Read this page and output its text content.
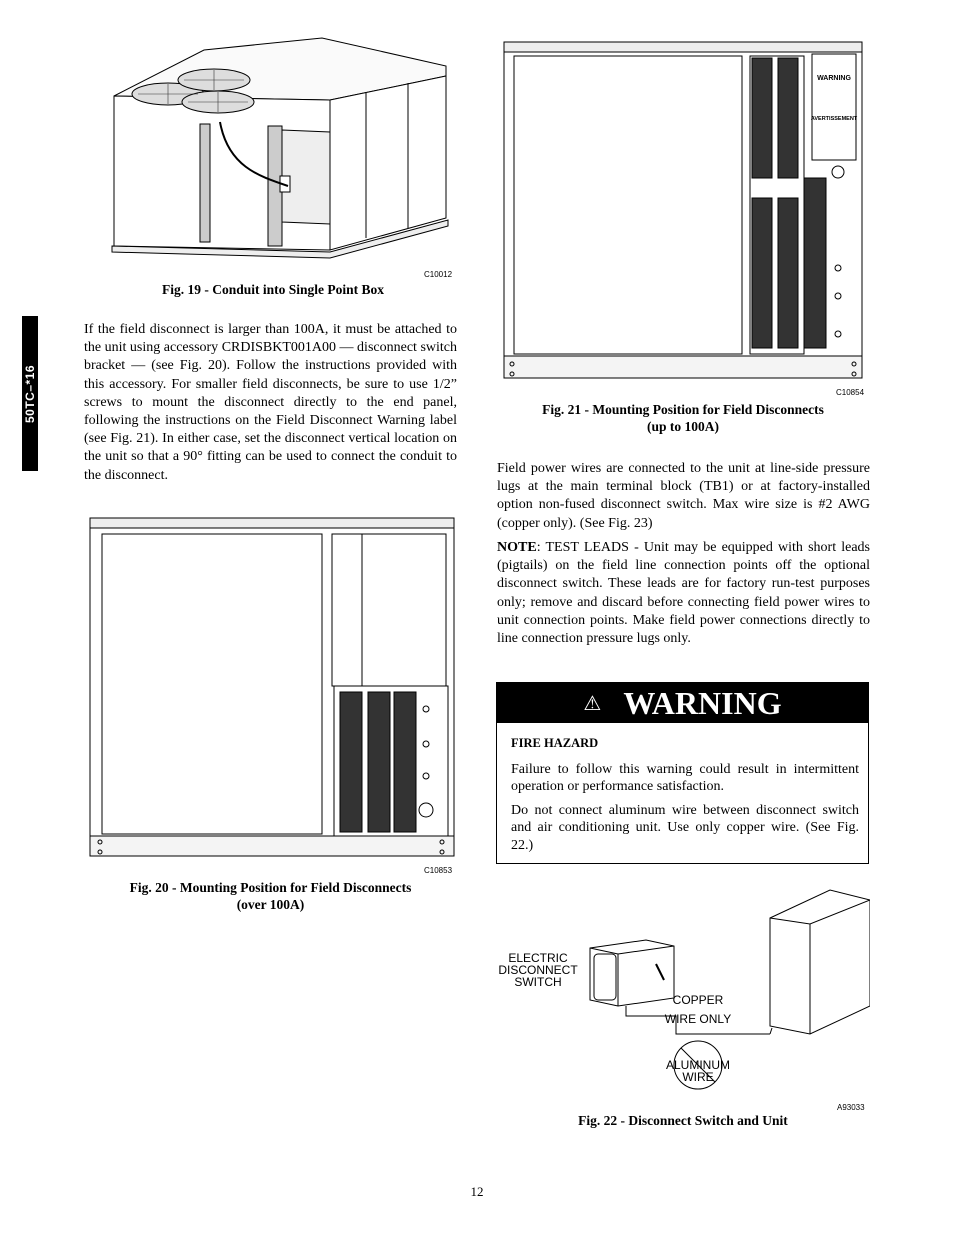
50TC–*16

C10012
Fig. 19 - Conduit into Single Point Box
If the field disconnect is larger than 100A, it must be attached to the unit using accessory CRDISBKT001A00 — disconnect switch bracket — (see Fig. 20). Follow the instructions provided with this accessory. For smaller field disconnects, be sure to use 1/2” screws to mount the disconnect directly to the end panel, following the instructions on the Field Disconnect Warning label (see Fig. 21). In either case, set the disconnect vertical location on the unit so that a 90° fitting can be used to connect the conduit to the disconnect.
C10853
Fig. 20 - Mounting Position for Field Disconnects
(over 100A)
WARNING
AVERTISSEMENT
C10854
Fig. 21 - Mounting Position for Field Disconnects
(up to 100A)
Field power wires are connected to the unit at line-side pressure lugs at the main terminal block (TB1) or at factory-installed option non-fused disconnect switch. Max wire size is #2 AWG (copper only). (See Fig. 23)
NOTE: TEST LEADS - Unit may be equipped with short leads (pigtails) on the field line connection points off the optional disconnect switch. These leads are for factory run-test purposes only; remove and discard before connecting field power wires to unit connection points. Make field power connections directly to line connection pressure lugs only.
⚠ WARNING
FIRE HAZARD

Failure to follow this warning could result in intermittent operation or performance satisfaction.

Do not connect aluminum wire between disconnect switch and air conditioning unit. Use only copper wire. (See Fig. 22.)

ELECTRIC
DISCONNECT
SWITCH
COPPER
WIRE ONLY
ALUMINUM
WIRE
A93033
Fig. 22 - Disconnect Switch and Unit
12
